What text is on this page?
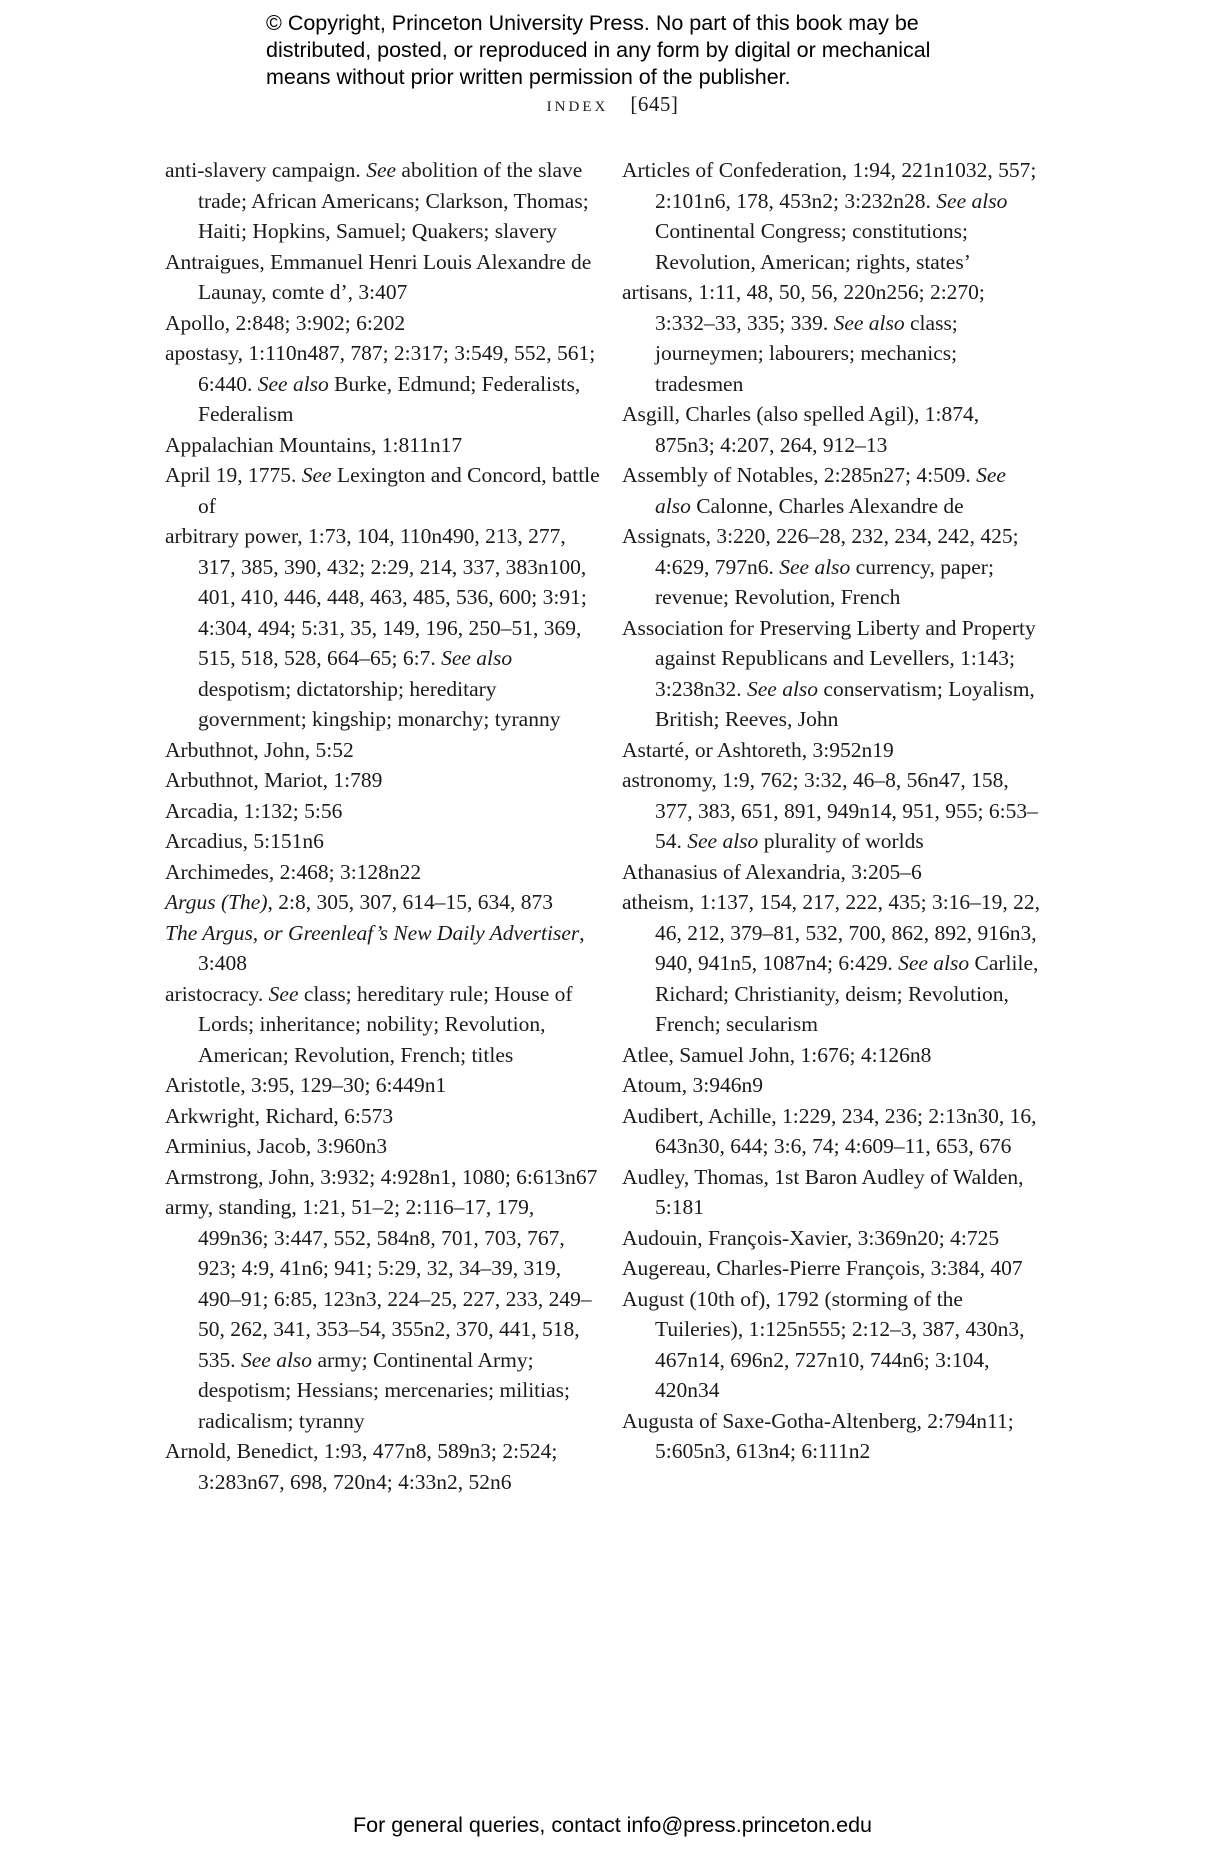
© Copyright, Princeton University Press. No part of this book may be
distributed, posted, or reproduced in any form by digital or mechanical
means without prior written permission of the publisher.
index [645]
anti-slavery campaign. See abolition of the slave trade; African Americans; Clarkson, Thomas; Haiti; Hopkins, Samuel; Quakers; slavery
Antraigues, Emmanuel Henri Louis Alexandre de Launay, comte d’, 3:407
Apollo, 2:848; 3:902; 6:202
apostasy, 1:110n487, 787; 2:317; 3:549, 552, 561; 6:440. See also Burke, Edmund; Federalists, Federalism
Appalachian Mountains, 1:811n17
April 19, 1775. See Lexington and Concord, battle of
arbitrary power, 1:73, 104, 110n490, 213, 277, 317, 385, 390, 432; 2:29, 214, 337, 383n100, 401, 410, 446, 448, 463, 485, 536, 600; 3:91; 4:304, 494; 5:31, 35, 149, 196, 250–51, 369, 515, 518, 528, 664–65; 6:7. See also despotism; dictatorship; hereditary government; kingship; monarchy; tyranny
Arbuthnot, John, 5:52
Arbuthnot, Mariot, 1:789
Arcadia, 1:132; 5:56
Arcadius, 5:151n6
Archimedes, 2:468; 3:128n22
Argus (The), 2:8, 305, 307, 614–15, 634, 873
The Argus, or Greenleaf’s New Daily Advertiser, 3:408
aristocracy. See class; hereditary rule; House of Lords; inheritance; nobility; Revolution, American; Revolution, French; titles
Aristotle, 3:95, 129–30; 6:449n1
Arkwright, Richard, 6:573
Arminius, Jacob, 3:960n3
Armstrong, John, 3:932; 4:928n1, 1080; 6:613n67
army, standing, 1:21, 51–2; 2:116–17, 179, 499n36; 3:447, 552, 584n8, 701, 703, 767, 923; 4:9, 41n6; 941; 5:29, 32, 34–39, 319, 490–91; 6:85, 123n3, 224–25, 227, 233, 249–50, 262, 341, 353–54, 355n2, 370, 441, 518, 535. See also army; Continental Army; despotism; Hessians; mercenaries; militias; radicalism; tyranny
Arnold, Benedict, 1:93, 477n8, 589n3; 2:524; 3:283n67, 698, 720n4; 4:33n2, 52n6
Articles of Confederation, 1:94, 221n1032, 557; 2:101n6, 178, 453n2; 3:232n28. See also Continental Congress; constitutions; Revolution, American; rights, states’
artisans, 1:11, 48, 50, 56, 220n256; 2:270; 3:332–33, 335; 339. See also class; journeymen; labourers; mechanics; tradesmen
Asgill, Charles (also spelled Agil), 1:874, 875n3; 4:207, 264, 912–13
Assembly of Notables, 2:285n27; 4:509. See also Calonne, Charles Alexandre de
Assignats, 3:220, 226–28, 232, 234, 242, 425; 4:629, 797n6. See also currency, paper; revenue; Revolution, French
Association for Preserving Liberty and Property against Republicans and Levellers, 1:143; 3:238n32. See also conservatism; Loyalism, British; Reeves, John
Astarté, or Ashtoreth, 3:952n19
astronomy, 1:9, 762; 3:32, 46–8, 56n47, 158, 377, 383, 651, 891, 949n14, 951, 955; 6:53–54. See also plurality of worlds
Athanasius of Alexandria, 3:205–6
atheism, 1:137, 154, 217, 222, 435; 3:16–19, 22, 46, 212, 379–81, 532, 700, 862, 892, 916n3, 940, 941n5, 1087n4; 6:429. See also Carlile, Richard; Christianity, deism; Revolution, French; secularism
Atlee, Samuel John, 1:676; 4:126n8
Atoum, 3:946n9
Audibert, Achille, 1:229, 234, 236; 2:13n30, 16, 643n30, 644; 3:6, 74; 4:609–11, 653, 676
Audley, Thomas, 1st Baron Audley of Walden, 5:181
Audouin, François-Xavier, 3:369n20; 4:725
Augereau, Charles-Pierre François, 3:384, 407
August (10th of), 1792 (storming of the Tuileries), 1:125n555; 2:12–3, 387, 430n3, 467n14, 696n2, 727n10, 744n6; 3:104, 420n34
Augusta of Saxe-Gotha-Altenberg, 2:794n11; 5:605n3, 613n4; 6:111n2
For general queries, contact info@press.princeton.edu
